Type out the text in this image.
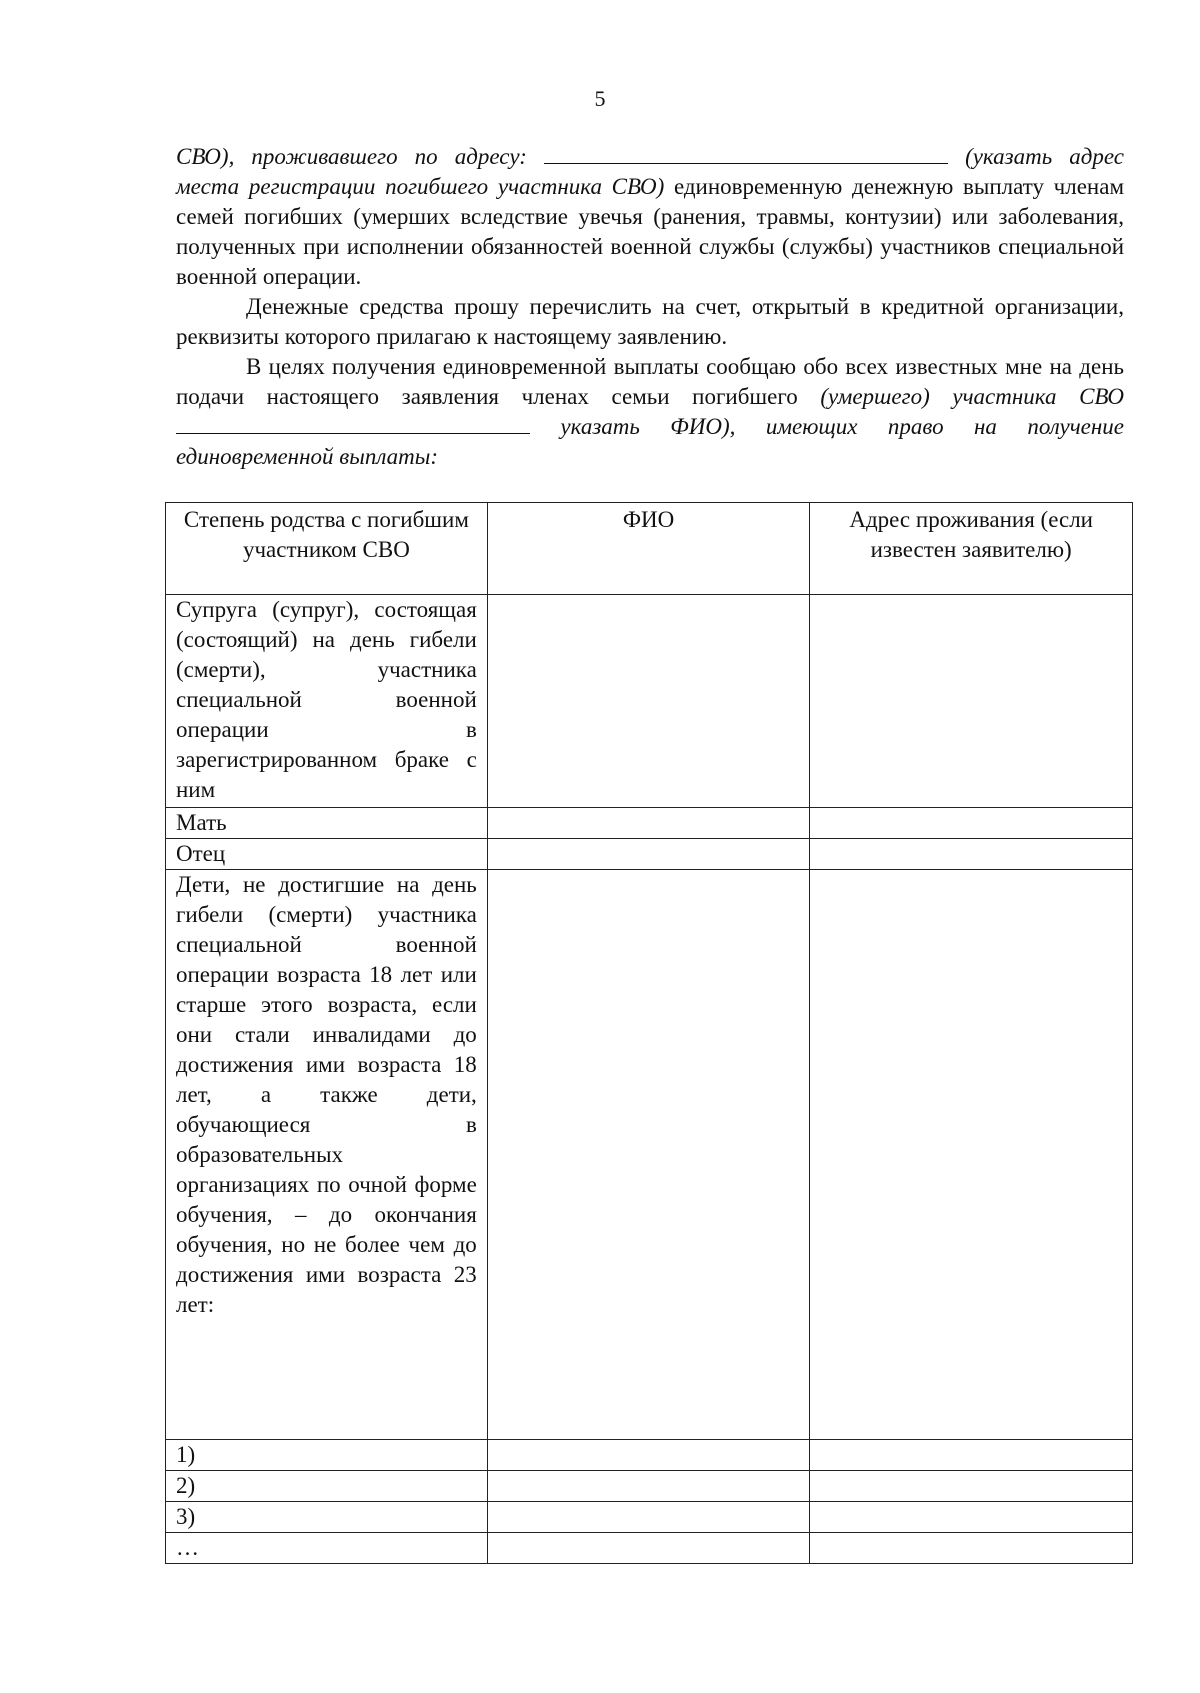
5

СВО), проживавшего по адресу:	(указать адрес места регистрации погибшего участника СВО) единовременную денежную выплату членам семей погибших (умерших вследствие увечья (ранения, травмы, контузии) или заболевания, полученных при исполнении обязанностей военной службы (службы) участников специальной военной операции.

Денежные средства прошу перечислить на счет, открытый в кредитной организации, реквизиты которого прилагаю к настоящему заявлению.

В целях получения единовременной выплаты сообщаю обо всех известных мне на день подачи настоящего заявления членах семьи погибшего (умершего) участника СВО  указать ФИО), имеющих право на получение единовременной выплаты:

Степень родства с погибшим участником СВО	ФИО	Адрес проживания (если известен заявителю)
Супруга (супруг), состоящая (состоящий) на день гибели (смерти), участника специальной военной операции в зарегистрированном браке с ним		
Мать		
Отец		
Дети, не достигшие на день гибели (смерти) участника специальной военной операции возраста 18 лет или старше этого возраста, если они стали инвалидами до достижения ими возраста 18 лет, а также дети, обучающиеся в образовательных организациях по очной форме обучения, – до окончания обучения, но не более чем до достижения ими возраста 23 лет:		
1)		
2)		
3)		
…		
